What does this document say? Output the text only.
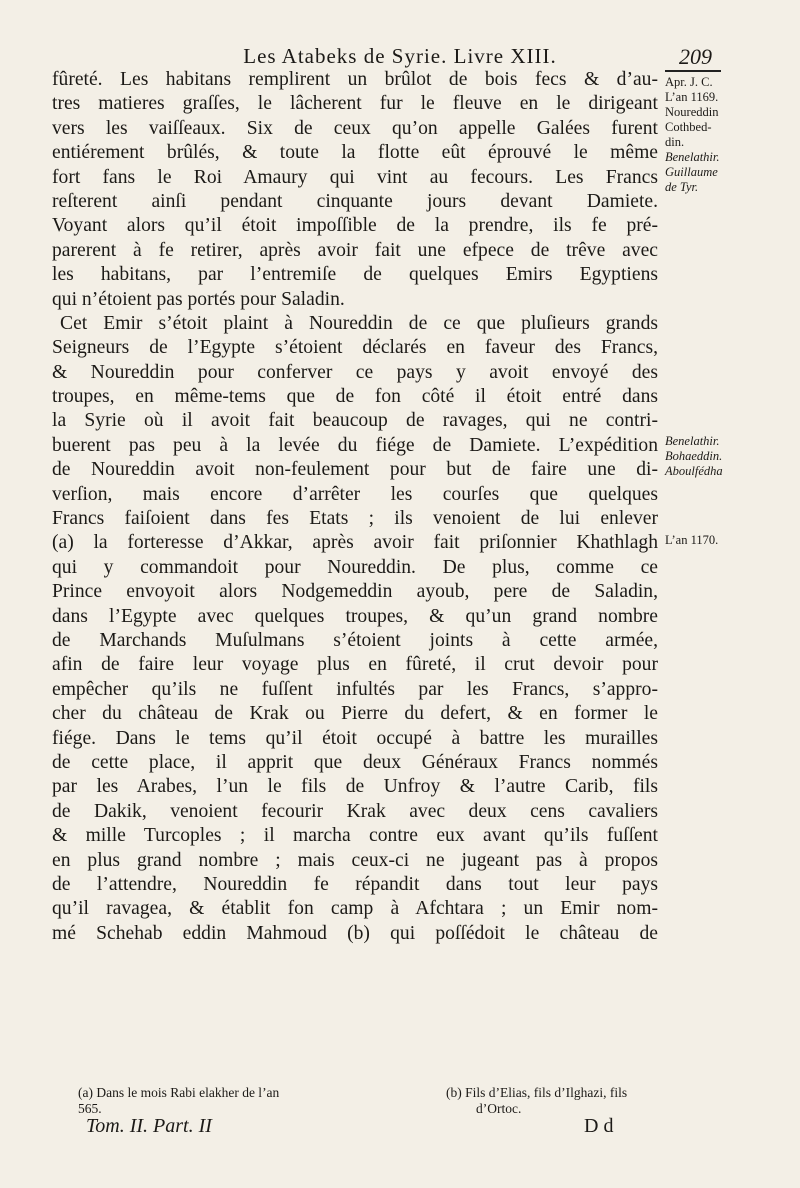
Les Atabeks de Syrie. Livre XIII.	209
fûreté. Les habitans remplirent un brûlot de bois fecs & d’au-
tres matieres graſſes, le lâcherent fur le fleuve en le dirigeant
vers les vaiſſeaux. Six de ceux qu’on appelle Galées furent
entiérement brûlés, & toute la flotte eût éprouvé le même
fort fans le Roi Amaury qui vint au fecours. Les Francs
reſterent ainſi pendant cinquante jours devant Damiete.
Voyant alors qu’il étoit impoſſible de la prendre, ils fe pré-
parerent à fe retirer, après avoir fait une efpece de trêve avec
les habitans, par l’entremiſe de quelques Emirs Egyptiens
qui n’étoient pas portés pour Saladin.
Cet Emir s’étoit plaint à Noureddin de ce que pluſieurs grands
Seigneurs de l’Egypte s’étoient déclarés en faveur des Francs,
& Noureddin pour conferver ce pays y avoit envoyé des
troupes, en même-tems que de fon côté il étoit entré dans
la Syrie où il avoit fait beaucoup de ravages, qui ne contri-
buerent pas peu à la levée du fiége de Damiete. L’expédition
de Noureddin avoit non-feulement pour but de faire une di-
verſion, mais encore d’arrêter les courſes que quelques
Francs faiſoient dans fes Etats ; ils venoient de lui enlever
(a) la forteresse d’Akkar, après avoir fait priſonnier Khathlagh
qui y commandoit pour Noureddin. De plus, comme ce
Prince envoyoit alors Nodgemeddin ayoub, pere de Saladin,
dans l’Egypte avec quelques troupes, & qu’un grand nombre
de Marchands Muſulmans s’étoient joints à cette armée,
afin de faire leur voyage plus en fûreté, il crut devoir pour
empêcher qu’ils ne fuſſent infultés par les Francs, s’appro-
cher du château de Krak ou Pierre du defert, & en former le
fiége. Dans le tems qu’il étoit occupé à battre les murailles
de cette place, il apprit que deux Généraux Francs nommés
par les Arabes, l’un le fils de Unfroy & l’autre Carib, fils
de Dakik, venoient fecourir Krak avec deux cens cavaliers
& mille Turcoples ; il marcha contre eux avant qu’ils fuſſent
en plus grand nombre ; mais ceux-ci ne jugeant pas à propos
de l’attendre, Noureddin fe répandit dans tout leur pays
qu’il ravagea, & établit fon camp à Afchtara ; un Emir nom-
mé Schehab eddin Mahmoud (b) qui poſſédoit le château de
Apr. J. C.
L’an 1169.
Noureddin
Cothbed-
din.
Benelathir.
Guillaume
de Tyr.
Benelathir.
Bohaeddin.
Aboulfédha
L’an 1170.
(a) Dans le mois Rabi elakher de l’an
565.
(b) Fils d’Elias, fils d’Ilghazi, fils
d’Ortoc.
Tom. II. Part. II	D d
